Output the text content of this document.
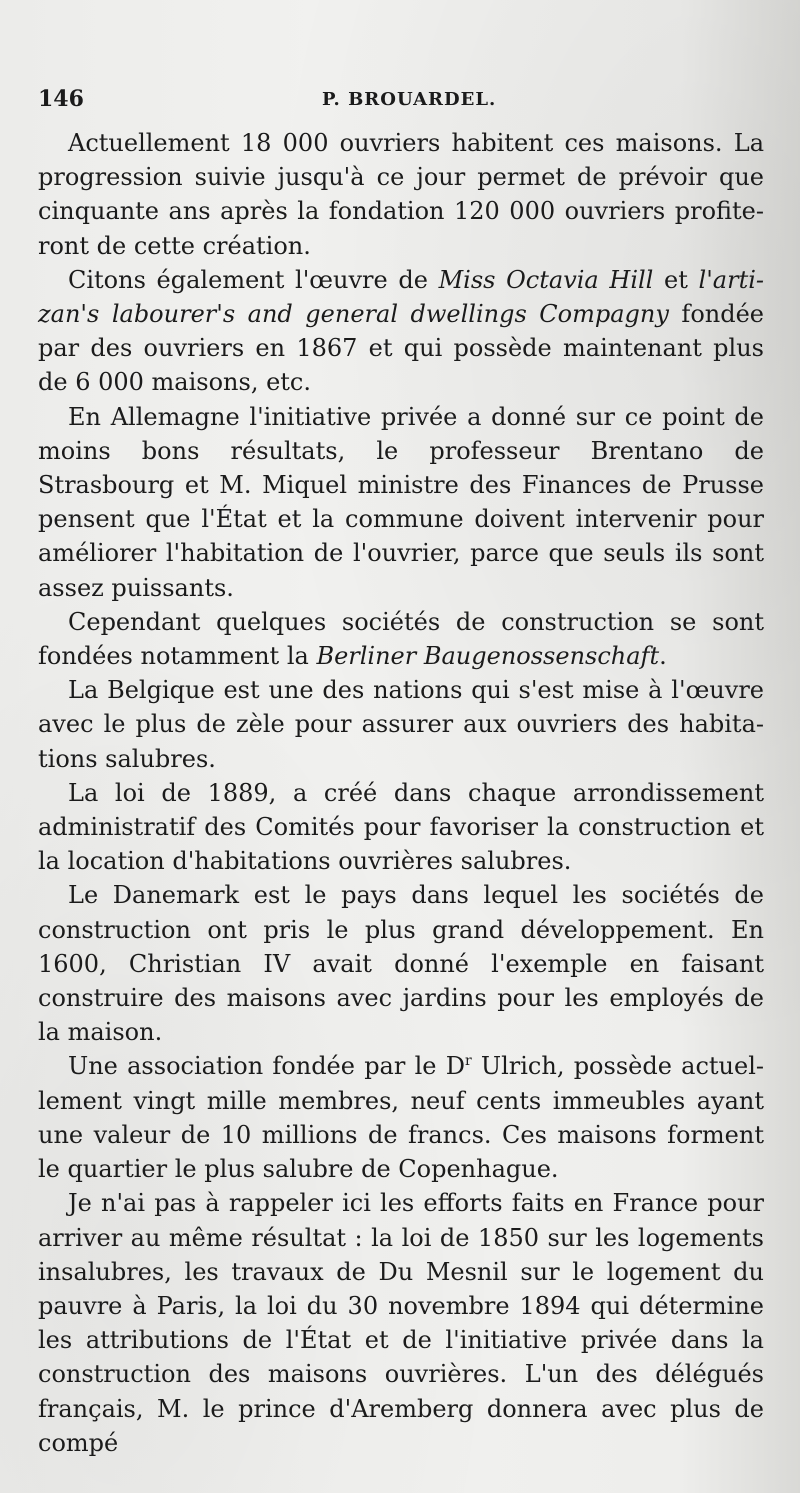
146	P. BROUARDEL.

Actuellement 18 000 ouvriers habitent ces maisons. La progression suivie jusqu'à ce jour permet de prévoir que cinquante ans après la fondation 120 000 ouvriers profiteront de cette création.

Citons également l'œuvre de Miss Octavia Hill et l'artizan's labourer's and general dwellings Compagny fondée par des ouvriers en 1867 et qui possède maintenant plus de 6 000 maisons, etc.

En Allemagne l'initiative privée a donné sur ce point de moins bons résultats, le professeur Brentano de Strasbourg et M. Miquel ministre des Finances de Prusse pensent que l'État et la commune doivent intervenir pour améliorer l'habitation de l'ouvrier, parce que seuls ils sont assez puissants.

Cependant quelques sociétés de construction se sont fondées notamment la Berliner Baugenossenschaft.

La Belgique est une des nations qui s'est mise à l'œuvre avec le plus de zèle pour assurer aux ouvriers des habitations salubres.

La loi de 1889, a créé dans chaque arrondissement administratif des Comités pour favoriser la construction et la location d'habitations ouvrières salubres.

Le Danemark est le pays dans lequel les sociétés de construction ont pris le plus grand développement. En 1600, Christian IV avait donné l'exemple en faisant construire des maisons avec jardins pour les employés de la maison.

Une association fondée par le $D^r$ Ulrich, possède actuellement vingt mille membres, neuf cents immeubles ayant une valeur de 10 millions de francs. Ces maisons forment le quartier le plus salubre de Copenhague.

Je n'ai pas à rappeler ici les efforts faits en France pour arriver au même résultat : la loi de 1850 sur les logements insalubres, les travaux de Du Mesnil sur le logement du pauvre à Paris, la loi du 30 novembre 1894 qui détermine les attributions de l'État et de l'initiative privée dans la construction des maisons ouvrières. L'un des délégués français, M. le prince d'Aremberg donnera avec plus de compé
